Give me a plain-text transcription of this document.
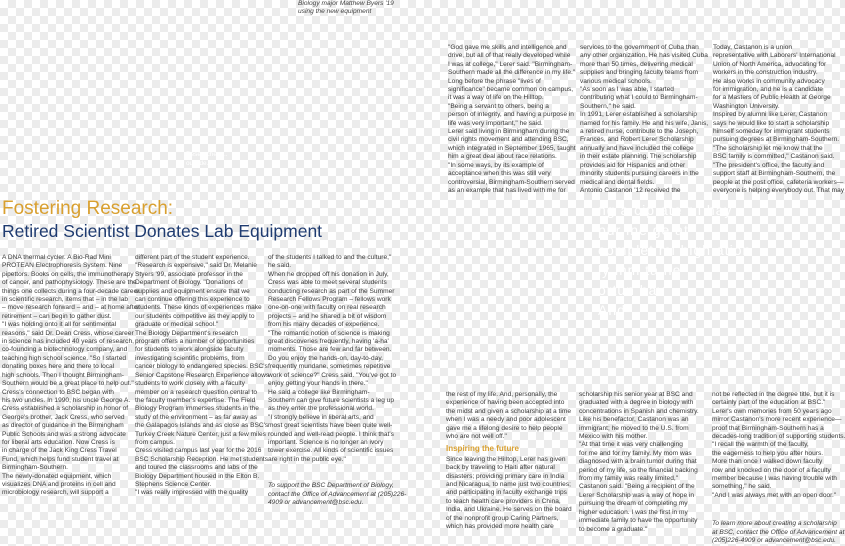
Biology major Matthew Byers '19
using the new equipment
Researchers...
outside...

"God gave me skills and intelligence and

drive, but all of that really developed while

I was at college," Lerer said. "Birmingham-

Southern made all the difference in my life."

Long before the phrase "lives of

significance" became common on campus,

it was a way of life on the Hilltop.

"Being a servant to others, being a

person of integrity, and having a purpose in

life was very important," he said.

Lerer said living in Birmingham during the

civil rights movement and attending BSC,

which integrated in September 1965, taught

him a great deal about race relations.

"In some ways, by its example of

acceptance when this was still very

controversial, Birmingham-Southern served

as an example that has lived with me for

services to the government of Cuba than

any other organization. He has visited Cuba

more than 50 times, delivering medical

supplies and bringing faculty teams from

various medical schools.

"As soon as I was able, I started

contributing what I could to Birmingham-

Southern," he said.

In 1991, Lerer established a scholarship

named for his family. He and his wife, Janis,

a retired nurse, contribute to the Joseph,

Frances, and Robert Lerer Scholarship

annually and have included the college

in their estate planning. The scholarship

provides aid for Hispanics and other

minority students pursuing careers in the

medical and dental fields.

Antonio Castanon '12 received the

Today, Castanon is a union

representative with Laborers' International

Union of North America, advocating for

workers in the construction industry.

He also works in community advocacy

for immigration, and he is a candidate

for a Masters of Public Health at George

Washington University.

Inspired by alumni like Lerer, Castanon

says he would like to start a scholarship

himself someday for immigrant students

pursuing degrees at Birmingham-Southern.

"The scholarship let me know that the

BSC family is committed," Castanon said.

"The president's office, the faculty and

support staff at Birmingham-Southern, the

people at the post office, cafeteria workers—

everyone is helping everybody out. That may

Fostering Research:
Retired Scientist Donates Lab Equipment

A DNA thermal cycler. A Bio-Rad Mini

PROTEAN Electrophoresis System. Nine

pipettors. Books on cells, the immunotherapy

of cancer, and pathophysiology. These are the

things one collects during a four-decade career

in scientific research, items that – in the lab

– move research forward – and – at home after

retirement – can begin to gather dust.

"I was holding onto it all for sentimental

reasons," said Dr. Dean Cress, whose career

in science has included 40 years of research,

co-founding a biotechnology company, and

teaching high school science. "So I started

donating boxes here and there to local

high schools. Then I thought Birmingham-

Southern would be a great place to help out."

Cress's connection to BSC began with

his two uncles. In 1990, his uncle George A.

Cress established a scholarship in honor of

George's brother, Jack Cress, who served

as director of guidance in the Birmingham

Public Schools and was a strong advocate

for liberal arts education. Now Cress is

in charge of the Jack King Cress Travel

Fund, which helps fund student travel at

Birmingham-Southern.

The newly-donated equipment, which

visualizes DNA and proteins in cell and

microbiology research, will support a

different part of the student experience.

"Research is expensive," said Dr. Melanie

Styers '99, associate professor in the

Department of Biology. "Donations of

supplies and equipment ensure that we

can continue offering this experience to

students. These kinds of experiences make

our students competitive as they apply to

graduate or medical school."

The Biology Department's research

program offers a number of opportunities

for students to work alongside faculty

investigating scientific problems, from

cancer biology to endangered species. BSC's

Senior Capstone Research Experience allows

students to work closely with a faculty

member on a research question central to

the faculty member's expertise. The Field

Biology Program immerses students in the

study of the environment – as far away as

the Galapagos Islands and as close as BSC's

Turkey Creek Nature Center, just a few miles

from campus.

Cress visited campus last year for the 2016

BSC Scholarship Reception. He met students

and toured the classrooms and labs of the

Biology Department housed in the Elton B.

Stephens Science Center.

"I was really impressed with the quality

of the students I talked to and the culture,"

he said.

When he dropped off his donation in July,

Cress was able to meet several students

conducting research as part of the Summer

Research Fellows Program – fellows work

one-on-one with faculty on real research

projects – and he shared a bit of wisdom

from his many decades of experience.

"The romantic notion of science is making

great discoveries frequently, having 'a-ha'

moments. Those are few and far between.

Do you enjoy the hands-on, day-to-day,

frequently mundane, sometimes repetitive

work of science?" Cress said. "You've got to

enjoy getting your hands in there."

He said a college like Birmingham-

Southern can give future scientists a leg up

as they enter the professional world.

"I strongly believe in liberal arts, and

most great scientists have been quite well-

rounded and well-read people. I think that's

important. Science is no longer an ivory

tower exercise. All kinds of scientific issues

are right in the public eye."

To support the BSC Department of Biology,

contact the Office of Advancement at (205)226-

4909 or advancement@bsc.edu.

ng a cip ate r l hay
pur ine ge at
complet mi high ation
ly mm ta he
ortun hav
And

the rest of my life. And, personally, the

experience of having been accepted into

the midst and given a scholarship at a time

when I was a needy and poor adolescent

gave me a lifelong desire to help people

who are not well off."

Inspiring the future

Since leaving the Hilltop, Lerer has given

back by traveling to Haiti after natural

disasters; providing primary care in India

and Nicaragua, to name just two countries;

and participating in faculty exchange trips

to teach health care providers in China,

India, and Ukraine. He serves on the board

of the nonprofit group Caring Partners,

which has provided more health care

scholarship his senior year at BSC and

graduated with a degree in biology with

concentrations in Spanish and chemistry.

Like his benefactor, Castanon was an

immigrant; he moved to the U.S. from

Mexico with his mother.

"At that time it was very challenging

for me and for my family. My mom was

diagnosed with a brain tumor during that

period of my life, so the financial backing

from my family was really limited,"

Castanon said. "Being a recipient of the

Lerer Scholarship was a way of hope in

pursuing the dream of completing my

higher education. I was the first in my

immediate family to have the opportunity

to become a graduate."

not be reflected in the degree title, but it is

certainly part of the education at BSC."

Lerer's own memories from 50 years ago

mirror Castanon's more recent experience—

proof that Birmingham-Southern has a

decades-long tradition of supporting students.

"I recall the warmth of the faculty,

the eagerness to help you after hours.

More than once I walked down faculty

row and knocked on the door of a faculty

member because I was having trouble with

something," he said.

"And I was always met with an open door."

To learn more about creating a scholarship

at BSC, contact the Office of Advancement at

(205)226-4909 or advancement@bsc.edu.
